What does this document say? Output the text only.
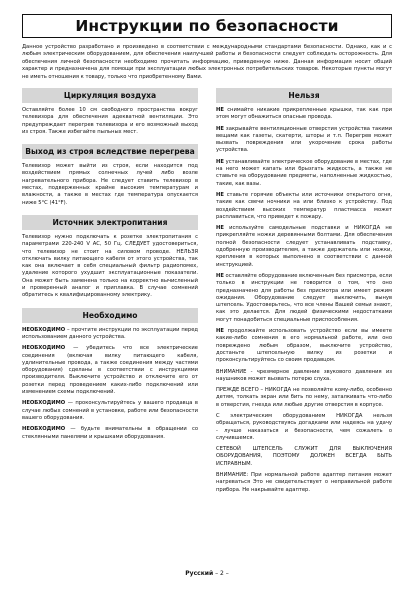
Инструкции по безопасности
Данное устройство разработано и произведено в соответствии с международными стандартами безопасности. Однако, как и с любым электрическим оборудованием, для обеспечения наилучшей работы и безопасности следует соблюдать осторожность. Для обеспечения личной безопасности необходимо прочитать информацию, приведенную ниже. Данная информация носит общий характер и предназначена для помощи при эксплуатации любых электронных потребительских товаров. Некоторые пункты могут не иметь отношения к товару, только что приобретенному Вами.
Циркуляция воздуха

Оставляйте более 10 см свободного пространства вокруг телевизора для обеспечения адекватной вентиляции. Это предупреждает перегрев телевизора и его возможный выход из строя. Также избегайте пыльных мест.

Выход из строя вследствие перегрева

Телевизор может выйти из строя, если находится под воздействием прямых солнечных лучей либо возле нагревательного прибора. Не следует ставить телевизор в местах, подверженных крайне высоким температурам и влажности, а также в местах где температура опускается ниже 5°C (41°F).

Источник электропитания

Телевизор нужно подключать к розетке электропитания с параметрами 220-240 V AC, 50 Гц. СЛЕДУЕТ удостовериться, что телевизор не стоит на силовом проводе. НЕЛЬЗЯ отключать вилку питающего кабеля от этого устройства, так как она включает в себя специальный фильтр радиопомех, удаление которого ухудшит эксплуатационные показатели. Она может быть заменена только на корректно вычисленный и проверенный аналог и приплавка. В случае сомнений обратитесь к квалифицированному электрику.

Необходимо

НЕОБХОДИМО – прочтите инструкции по эксплуатации перед использованием данного устройства.

НЕОБХОДИМО — убедитесь что все электрические соединения (включая вилку питающего кабеля, удлинительные провода, а также соединения между частями оборудования) сделаны в соответствии с инструкциями производителя. Выключите устройство и отключите его от розетки перед проведением каких-либо подключений или изменением схемы подключений.

НЕОБХОДИМО — проконсультируйтесь у вашего продавца в случае любых сомнений в установке, работе или безопасности вашего оборудования.

НЕОБХОДИМО — будьте внимательны в обращении со стеклянными панелями и крышками оборудования.

Нельзя

НЕ снимайте никакие прикрепленные крышки, так как при этом могут обнажиться опасные провода.

НЕ закрывайте вентиляционные отверстия устройства такими вещами как газеты, скатерти, шторы и т.п. Перегрев может вызвать повреждения или укорочение срока работы устройства.

НЕ устанавливайте электрическое оборудование в местах, где на него может капать или брызгать жидкость, а также не ставьте на оборудование предметы, наполненные жидкостью, такие, как вазы.

НЕ ставьте горячие объекты или источники открытого огня, такие как свечи ночники на или близко к устройству. Под воздействием высоких температур пластмасса может расплавиться, что приведет к пожару.

НЕ используйте самодельные подставки и НИКОГДА не прикрепляйте ножки деревянными болтами. Для обеспечения полной безопасности следует устанавливать подставку, одобренную производителем, а также держатель или ножки, крепления в которых выполнено в соответствии с данной инструкцией.

НЕ оставляйте оборудование включенным без присмотра, если только в инструкции не говорится о том, что оно предназначено для работы без присмотра или имеет режим ожидания. Оборудование следует выключить, вынув штепсель. Удостоверьтесь, что все члены Вашей семьи знают, как это делается. Для людей физическими недостатками могут понадобиться специальные приспособления.

НЕ продолжайте использовать устройство если вы имеете какие-либо сомнения в его нормальной работе, или оно повреждено любым образом, выключите устройство, достаньте штепсельную вилку из розетки и проконсультируйтесь со своим продавцом.

ВНИМАНИЕ - чрезмерное давление звукового давления из наушников может вызвать потерю слуха.

ПРЕЖДЕ ВСЕГО – НИКОГДА не позволяйте кому-либо, особенно детям, толкать экран или бить по нему, заталкивать что-либо в отверстия, гнезда или любые другие отверстия в корпусе.

С электрическим оборудованием НИКОГДА нельзя обращаться, руководствуясь догадками или надеясь на удачу - лучше наказаться и безопасности, чем сожалеть о случившемся.

СЕТЕВОЙ ШТЕПСЕЛЬ СЛУЖИТ ДЛЯ ВЫКЛЮЧЕНИЯ ОБОРУДОВАНИЯ, ПОЭТОМУ ДОЛЖЕН ВСЕГДА БЫТЬ ИСПРАВНЫМ.

ВНИМАНИЕ: При нормальной работе адаптер питания может нагреваться Это не свидетельствует о неправильной работе прибора. Не накрывайте адаптер.

Русский – 2 –
